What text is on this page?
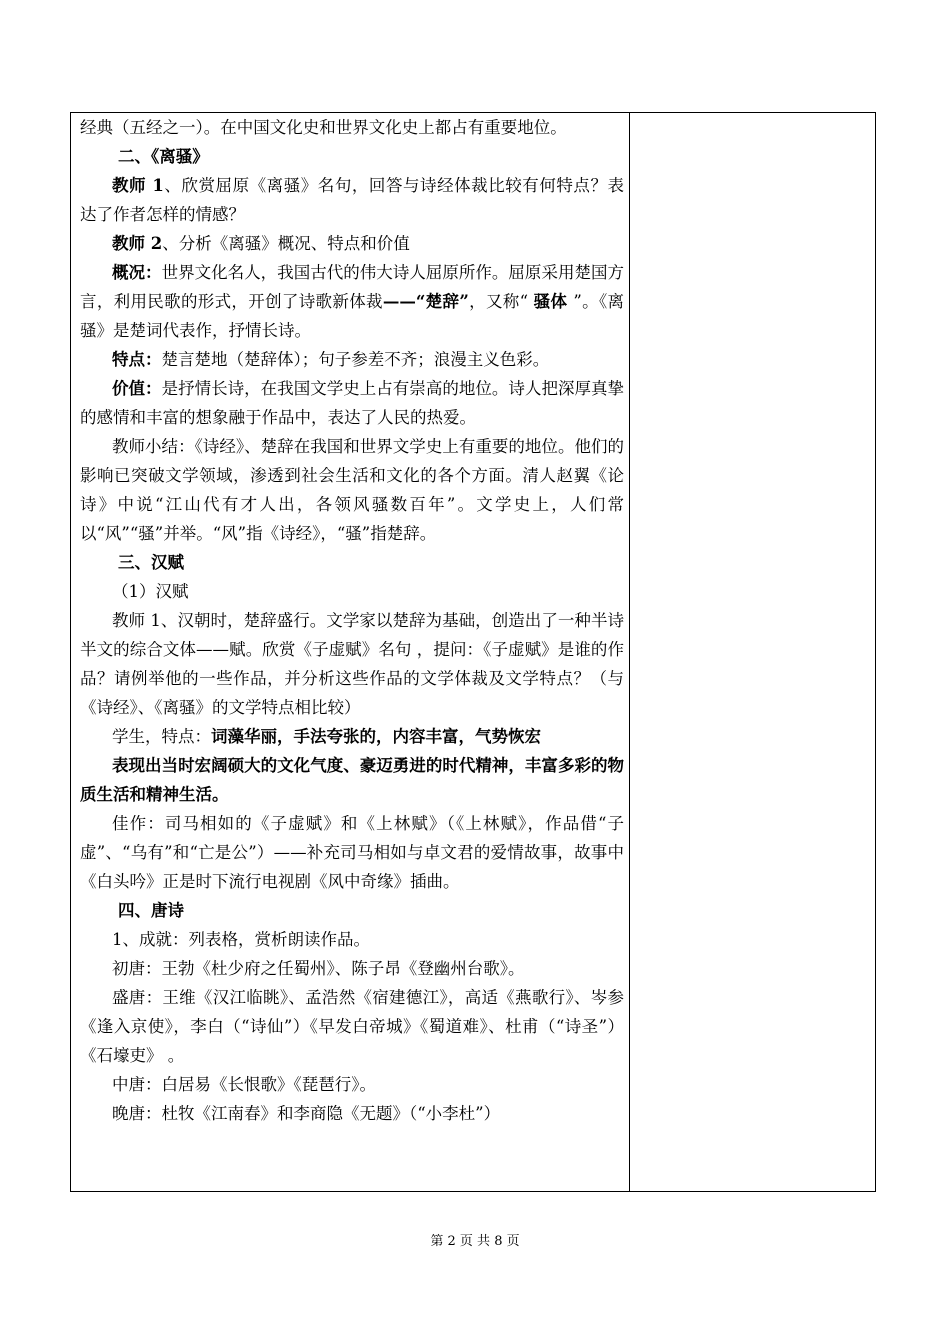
经典（五经之一）。在中国文化史和世界文化史上都占有重要地位。

二、《离骚》

教师 1、欣赏屈原《离骚》名句，回答与诗经体裁比较有何特点？表达了作者怎样的情感？

教师 2、分析《离骚》概况、特点和价值

概况：世界文化名人，我国古代的伟大诗人屈原所作。屈原采用楚国方言，利用民歌的形式，开创了诗歌新体裁——“楚辞”，又称“ 骚体 ”。《离骚》是楚词代表作，抒情长诗。

特点：楚言楚地（楚辞体）；句子参差不齐；浪漫主义色彩。

价值：是抒情长诗，在我国文学史上占有崇高的地位。诗人把深厚真挚的感情和丰富的想象融于作品中，表达了人民的热爱。

教师小结：《诗经》、楚辞在我国和世界文学史上有重要的地位。他们的影响已突破文学领域，渗透到社会生活和文化的各个方面。清人赵翼《论诗》中说“江山代有才人出，各领风骚数百年”。文学史上，人们常以“风”“骚”并举。“风”指《诗经》，“骚”指楚辞。

三、汉赋

（1）汉赋

教师 1、汉朝时，楚辞盛行。文学家以楚辞为基础，创造出了一种半诗半文的综合文体——赋。欣赏《子虚赋》名句 ，提问：《子虚赋》是谁的作品？请例举他的一些作品，并分析这些作品的文学体裁及文学特点？（与《诗经》、《离骚》的文学特点相比较）

学生，特点：词藻华丽，手法夸张的，内容丰富，气势恢宏

表现出当时宏阔硕大的文化气度、豪迈勇进的时代精神，丰富多彩的物质生活和精神生活。

佳作：司马相如的《子虚赋》和《上林赋》（《上林赋》，作品借“子虚”、“乌有”和“亡是公”）——补充司马相如与卓文君的爱情故事，故事中《白头吟》正是时下流行电视剧《风中奇缘》插曲。

四、唐诗

1、成就：列表格，赏析朗读作品。

初唐：王勃《杜少府之任蜀州》、陈子昂《登幽州台歌》。

盛唐：王维《汉江临眺》、孟浩然《宿建德江》，高适《燕歌行》、岑参《逢入京使》，李白（“诗仙”）《早发白帝城》《蜀道难》、杜甫（“诗圣”）《石壕吏》 。

中唐：白居易《长恨歌》《琵琶行》。

晚唐：杜牧《江南春》和李商隐《无题》（“小李杜”）

第 2 页 共 8 页
